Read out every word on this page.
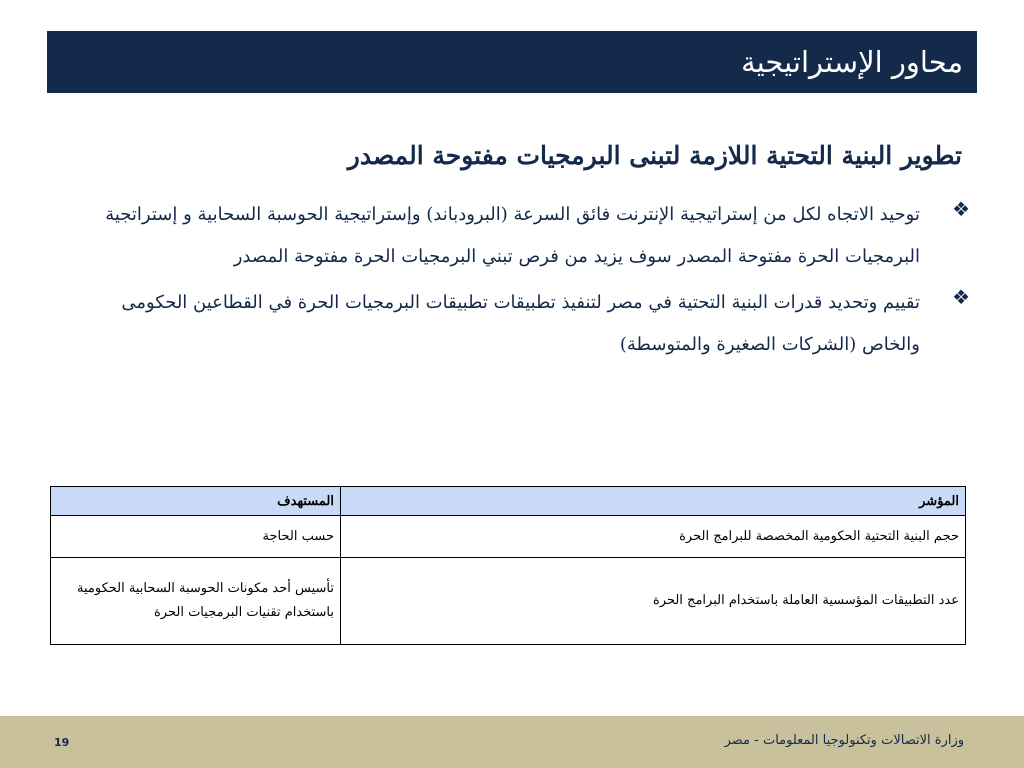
محاور الإستراتيجية
تطوير البنية التحتية اللازمة لتبنى البرمجيات مفتوحة المصدر
❖
توحيد الاتجاه لكل من إستراتيجية الإنترنت فائق السرعة (البرودباند) وإستراتيجية الحوسبة السحابية و إستراتجية البرمجيات الحرة مفتوحة المصدر سوف يزيد من فرص تبني البرمجيات الحرة مفتوحة المصدر
❖
تقييم وتحديد قدرات البنية التحتية في مصر لتنفيذ تطبيقات تطبيقات البرمجيات الحرة في القطاعين الحكومى والخاص (الشركات الصغيرة والمتوسطة)
المؤشر	المستهدف
حجم البنية التحتية الحكومية المخصصة للبرامج الحرة	حسب الحاجة
عدد التطبيقات المؤسسية العاملة باستخدام البرامج الحرة	تأسيس أحد مكونات الحوسبة السحابية الحكومية باستخدام تقنيات البرمجيات الحرة
وزارة الاتصالات وتكنولوجيا المعلومات - مصر
19
